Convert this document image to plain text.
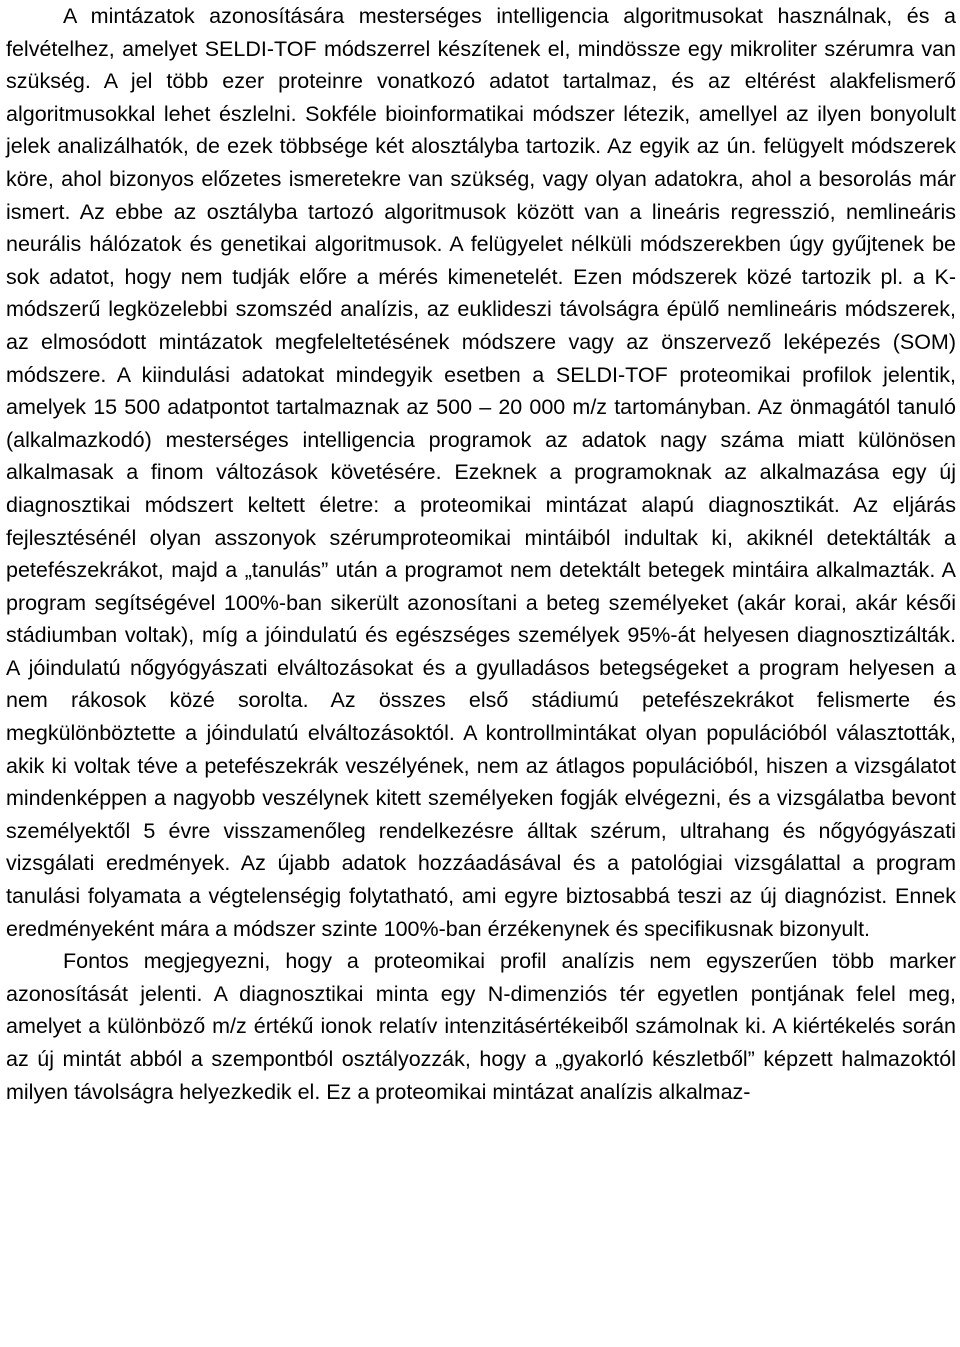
A mintázatok azonosítására mesterséges intelligencia algoritmusokat használnak, és a felvételhez, amelyet SELDI-TOF módszerrel készítenek el, mindössze egy mikroliter szérumra van szükség. A jel több ezer proteinre vonatkozó adatot tartalmaz, és az eltérést alakfelismerő algoritmusokkal lehet észlelni. Sokféle bioinformatikai módszer létezik, amellyel az ilyen bonyolult jelek analizálhatók, de ezek többsége két alosztályba tartozik. Az egyik az ún. felügyelt módszerek köre, ahol bizonyos előzetes ismeretekre van szükség, vagy olyan adatokra, ahol a besorolás már ismert. Az ebbe az osztályba tartozó algoritmusok között van a lineáris regresszió, nemlineáris neurális hálózatok és genetikai algoritmusok. A felügyelet nélküli módszerekben úgy gyűjtenek be sok adatot, hogy nem tudják előre a mérés kimenetelét. Ezen módszerek közé tartozik pl. a K-módszerű legközelebbi szomszéd analízis, az euklideszi távolságra épülő nemlineáris módszerek, az elmosódott mintázatok megfeleltetésének módszere vagy az önszervező leképezés (SOM) módszere. A kiindulási adatokat mindegyik esetben a SELDI-TOF proteomikai profilok jelentik, amelyek 15 500 adatpontot tartalmaznak az 500 – 20 000 m/z tartományban. Az önmagától tanuló (alkalmazkodó) mesterséges intelligencia programok az adatok nagy száma miatt különösen alkalmasak a finom változások követésére. Ezeknek a programoknak az alkalmazása egy új diagnosztikai módszert keltett életre: a proteomikai mintázat alapú diagnosztikát. Az eljárás fejlesztésénél olyan asszonyok szérumproteomikai mintáiból indultak ki, akiknél detektálták a petefészekrákot, majd a „tanulás” után a programot nem detektált betegek mintáira alkalmazták. A program segítségével 100%-ban sikerült azonosítani a beteg személyeket (akár korai, akár késői stádiumban voltak), míg a jóindulatú és egészséges személyek 95%-át helyesen diagnosztizálták. A jóindulatú nőgyógyászati elváltozásokat és a gyulladásos betegségeket a program helyesen a nem rákosok közé sorolta. Az összes első stádiumú petefészekrákot felismerte és megkülönböztette a jóindulatú elváltozásoktól. A kontrollmintákat olyan populációból választották, akik ki voltak téve a petefészekrák veszélyének, nem az átlagos populációból, hiszen a vizsgálatot mindenképpen a nagyobb veszélynek kitett személyeken fogják elvégezni, és a vizsgálatba bevont személyektől 5 évre visszamenőleg rendelkezésre álltak szérum, ultrahang és nőgyógyászati vizsgálati eredmények. Az újabb adatok hozzáadásával és a patológiai vizsgálattal a program tanulási folyamata a végtelenségig folytatható, ami egyre biztosabbá teszi az új diagnózist. Ennek eredményeként mára a módszer szinte 100%-ban érzékenynek és specifikusnak bizonyult.

Fontos megjegyezni, hogy a proteomikai profil analízis nem egyszerűen több marker azonosítását jelenti. A diagnosztikai minta egy N-dimenziós tér egyetlen pontjának felel meg, amelyet a különböző m/z értékű ionok relatív intenzitásértékeiből számolnak ki. A kiértékelés során az új mintát abból a szempontból osztályozzák, hogy a „gyakorló készletből” képzett halmazoktól milyen távolságra helyezkedik el. Ez a proteomikai mintázat analízis alkalmaz-
